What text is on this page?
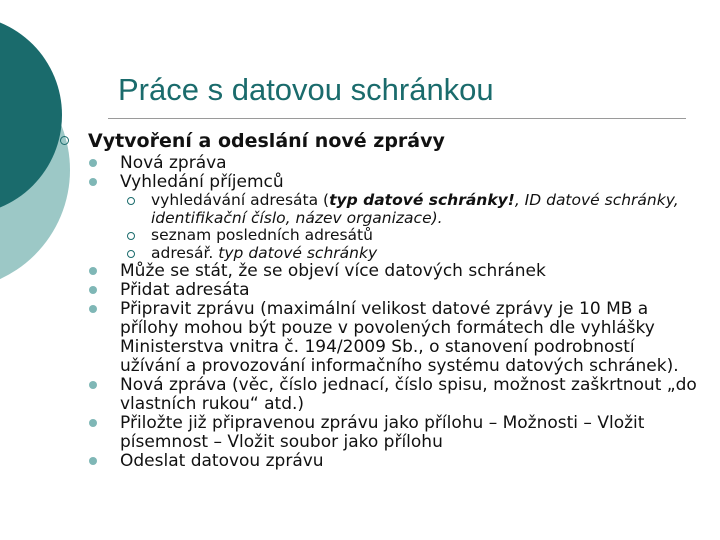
Práce s datovou schránkou
Vytvoření a odeslání nové zprávy
Nová zpráva
Vyhledání příjemců
vyhledávání adresáta (typ datové schránky!, ID datové schránky, identifikační číslo, název organizace).
seznam posledních adresátů
adresář. typ datové schránky
Může se stát, že se objeví více datových schránek
Přidat adresáta
Připravit zprávu (maximální velikost datové zprávy je 10 MB a přílohy mohou být pouze v povolených formátech dle vyhlášky Ministerstva vnitra č. 194/2009 Sb., o stanovení podrobností užívání a provozování informačního systému datových schránek).
Nová zpráva (věc, číslo jednací, číslo spisu, možnost zaškrtnout „do vlastních rukou“ atd.)
Přiložte již připravenou zprávu jako přílohu – Možnosti – Vložit písemnost – Vložit soubor jako přílohu
Odeslat datovou zprávu
